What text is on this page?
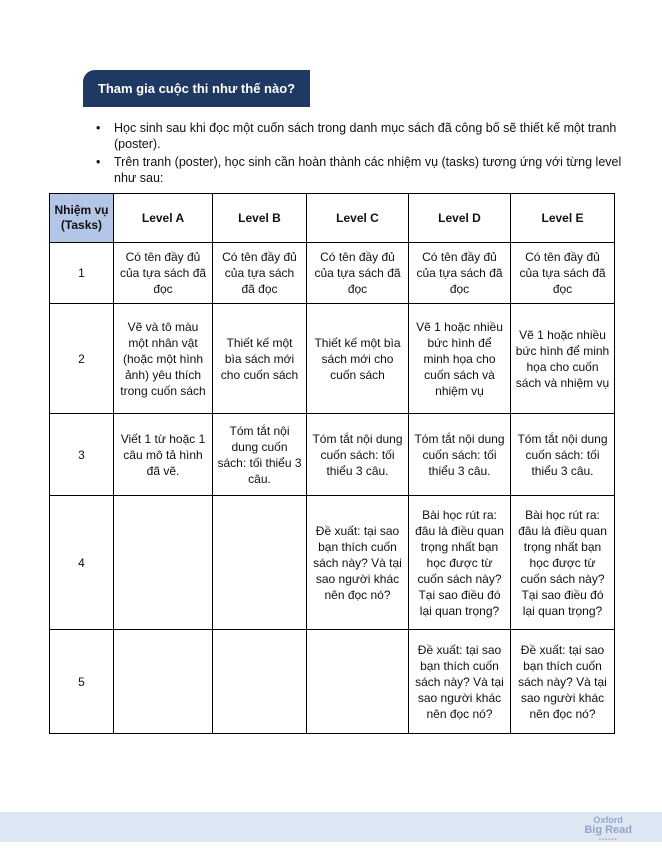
Tham gia cuộc thi như thế nào?
• Học sinh sau khi đọc một cuốn sách trong danh mục sách đã công bố sẽ thiết kế một tranh (poster).
• Trên tranh (poster), học sinh cần hoàn thành các nhiệm vụ (tasks) tương ứng với từng level như sau:
Nhiệm vụ (Tasks)	Level A	Level B	Level C	Level D	Level E
1	Có tên đầy đủ của tựa sách đã đọc	Có tên đầy đủ của tựa sách đã đọc	Có tên đầy đủ của tựa sách đã đọc	Có tên đầy đủ của tựa sách đã đọc	Có tên đầy đủ của tựa sách đã đọc
2	Vẽ và tô màu một nhân vật (hoặc một hình ảnh) yêu thích trong cuốn sách	Thiết kế một bìa sách mới cho cuốn sách	Thiết kế một bìa sách mới cho cuốn sách	Vẽ 1 hoặc nhiều bức hình để minh họa cho cuốn sách và nhiệm vụ	Vẽ 1 hoặc nhiều bức hình để minh họa cho cuốn sách và nhiệm vụ
3	Viết 1 từ hoặc 1 câu mô tả hình đã vẽ.	Tóm tắt nội dung cuốn sách: tối thiểu 3 câu.	Tóm tắt nội dung cuốn sách: tối thiểu 3 câu.	Tóm tắt nội dung cuốn sách: tối thiểu 3 câu.	Tóm tắt nội dung cuốn sách: tối thiểu 3 câu.
4			Đề xuất: tại sao bạn thích cuốn sách này? Và tại sao người khác nên đọc nó?	Bài học rút ra: đâu là điều quan trọng nhất bạn học được từ cuốn sách này? Tại sao điều đó lại quan trọng?	Bài học rút ra: đâu là điều quan trọng nhất bạn học được từ cuốn sách này? Tại sao điều đó lại quan trọng?
5				Đề xuất: tại sao bạn thích cuốn sách này? Và tại sao người khác nên đọc nó?	Đề xuất: tại sao bạn thích cuốn sách này? Và tại sao người khác nên đọc nó?
Oxford
Big Read
▪▪▪▪▪▪
